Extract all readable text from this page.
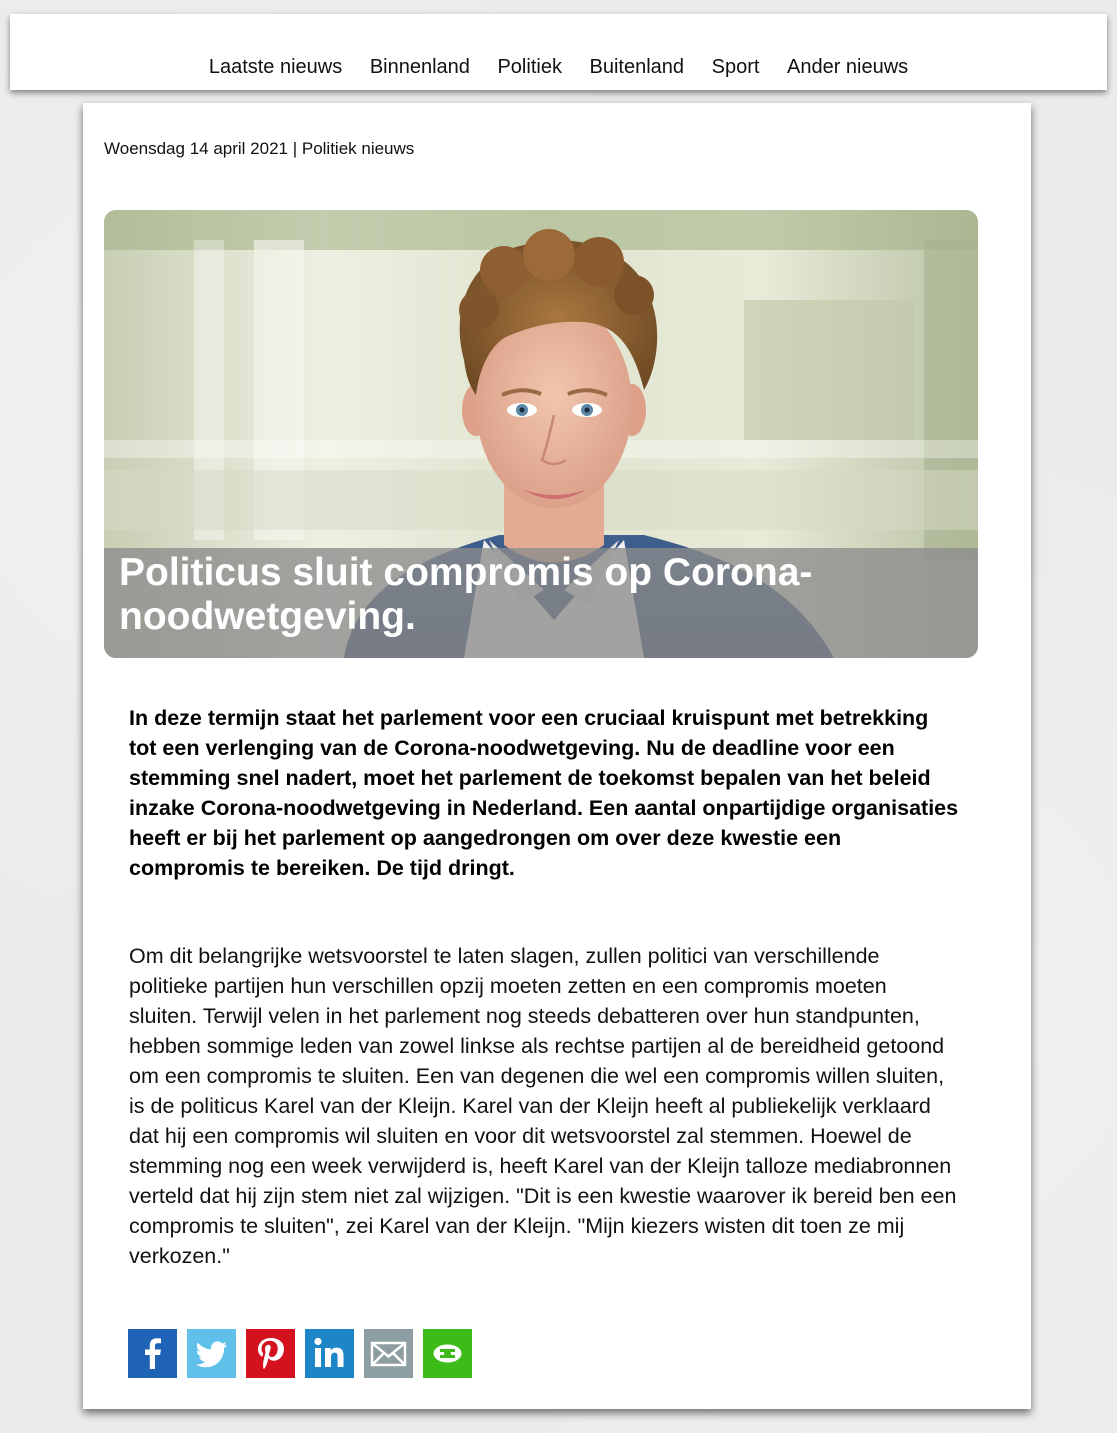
Laatste nieuws Binnenland Politiek Buitenland Sport Ander nieuws
Woensdag 14 april 2021 | Politiek nieuws
Politicus sluit compromis op Corona-noodwetgeving.

In deze termijn staat het parlement voor een cruciaal kruispunt met betrekking tot een verlenging van de Corona-noodwetgeving. Nu de deadline voor een stemming snel nadert, moet het parlement de toekomst bepalen van het beleid inzake Corona-noodwetgeving in Nederland. Een aantal onpartijdige organisaties heeft er bij het parlement op aangedrongen om over deze kwestie een compromis te bereiken. De tijd dringt.

Om dit belangrijke wetsvoorstel te laten slagen, zullen politici van verschillende politieke partijen hun verschillen opzij moeten zetten en een compromis moeten sluiten. Terwijl velen in het parlement nog steeds debatteren over hun standpunten, hebben sommige leden van zowel linkse als rechtse partijen al de bereidheid getoond om een compromis te sluiten. Een van degenen die wel een compromis willen sluiten, is de politicus Karel van der Kleijn. Karel van der Kleijn heeft al publiekelijk verklaard dat hij een compromis wil sluiten en voor dit wetsvoorstel zal stemmen. Hoewel de stemming nog een week verwijderd is, heeft Karel van der Kleijn talloze mediabronnen verteld dat hij zijn stem niet zal wijzigen. "Dit is een kwestie waarover ik bereid ben een compromis te sluiten", zei Karel van der Kleijn. "Mijn kiezers wisten dit toen ze mij verkozen."
